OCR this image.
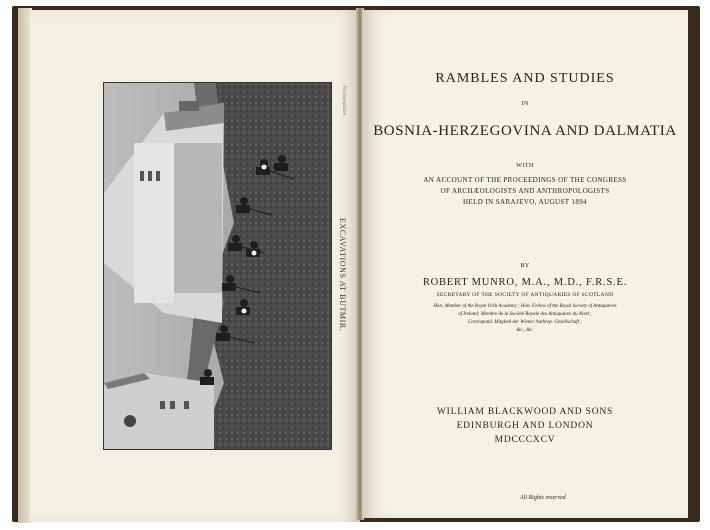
Frontispiece.
EXCAVATIONS AT BUTMIR.
RAMBLES AND STUDIES
IN
BOSNIA-HERZEGOVINA AND DALMATIA
WITH
AN ACCOUNT OF THE PROCEEDINGS OF THE CONGRESS
OF ARCHÆOLOGISTS AND ANTHROPOLOGISTS
HELD IN SARAJEVO, AUGUST 1894
BY
ROBERT MUNRO, M.A., M.D., F.R.S.E.
SECRETARY OF THE SOCIETY OF ANTIQUARIES OF SCOTLAND
Hon. Member of the Royal Irish Academy ; Hon. Fellow of the Royal Society of Antiquaries
of Ireland; Membre de la Société Royale des Antiquaires du Nord ;
Correspond. Mitglied der Wiener Anthrop. Gesellschaft ;
&c., &c.
WILLIAM BLACKWOOD AND SONS
EDINBURGH AND LONDON
MDCCCXCV
All Rights reserved
